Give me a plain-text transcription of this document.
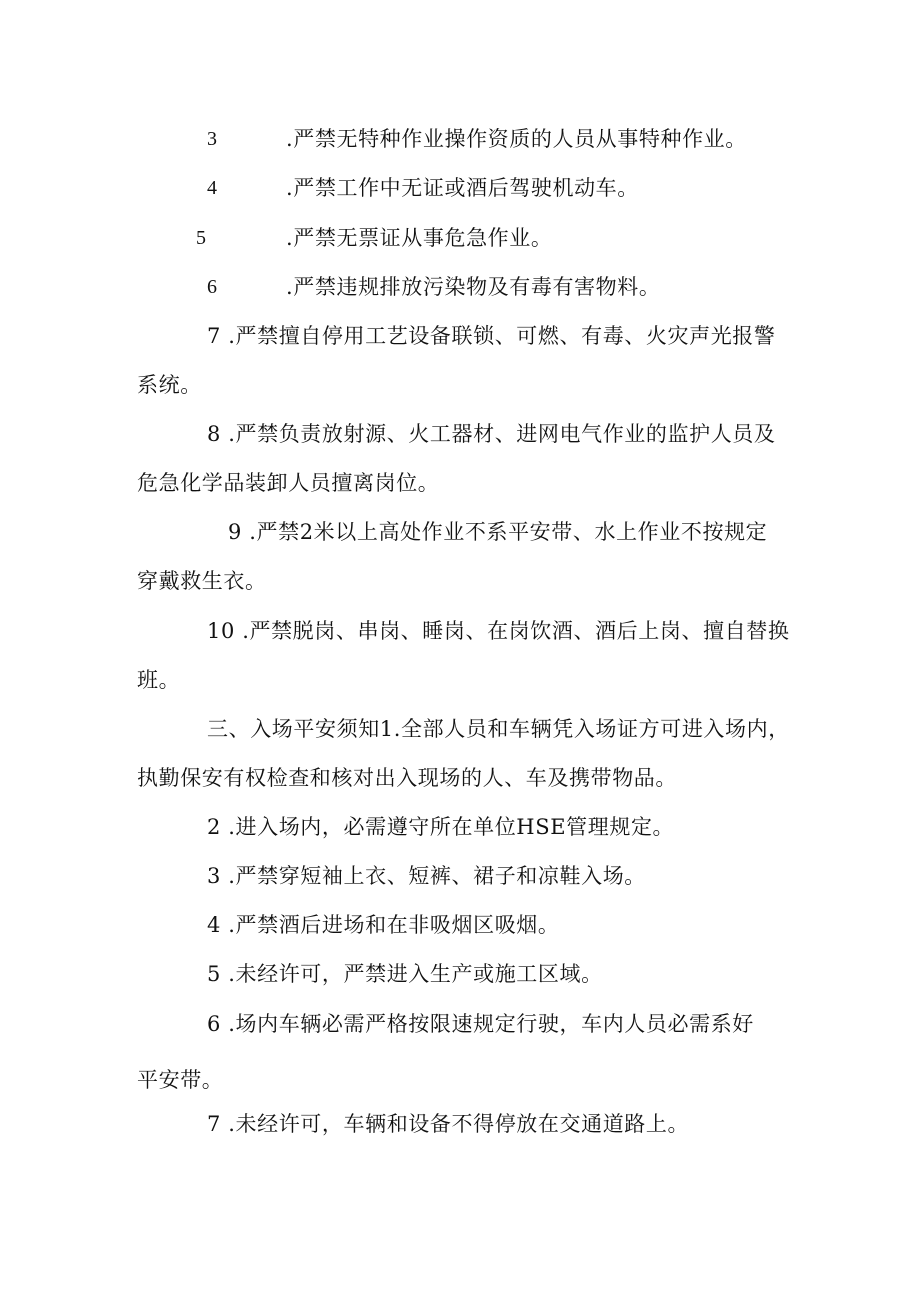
3	.严禁无特种作业操作资质的人员从事特种作业。
4	.严禁工作中无证或酒后驾驶机动车。
5	.严禁无票证从事危急作业。
6	.严禁违规排放污染物及有毒有害物料。
7 .严禁擅自停用工艺设备联锁、可燃、有毒、火灾声光报警
系统。
8 .严禁负责放射源、火工器材、进网电气作业的监护人员及
危急化学品装卸人员擅离岗位。
9 .严禁2米以上高处作业不系平安带、水上作业不按规定
穿戴救生衣。
10 .严禁脱岗、串岗、睡岗、在岗饮酒、酒后上岗、擅自替换
班。
三、入场平安须知1.全部人员和车辆凭入场证方可进入场内，
执勤保安有权检查和核对出入现场的人、车及携带物品。
2 .进入场内，必需遵守所在单位HSE管理规定。
3 .严禁穿短袖上衣、短裤、裙子和凉鞋入场。
4 .严禁酒后进场和在非吸烟区吸烟。
5 .未经许可，严禁进入生产或施工区域。
6 .场内车辆必需严格按限速规定行驶，车内人员必需系好
平安带。
7 .未经许可，车辆和设备不得停放在交通道路上。
